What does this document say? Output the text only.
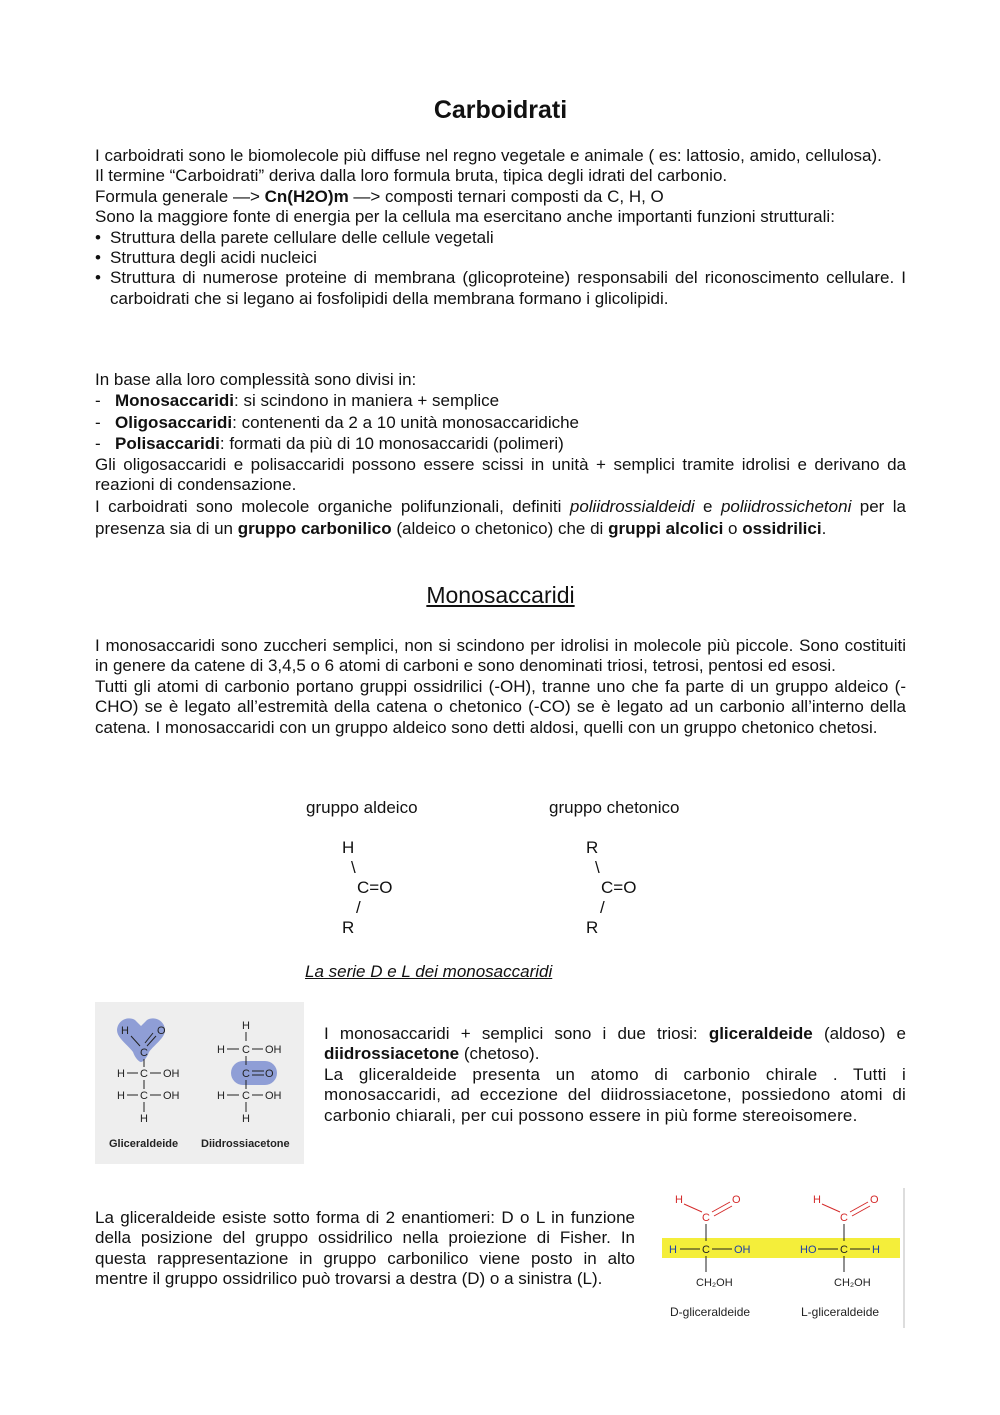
Carboidrati

I carboidrati sono le biomolecole più diffuse nel regno vegetale e animale ( es: lattosio, amido, cellulosa).

Il termine “Carboidrati” deriva dalla loro formula bruta, tipica degli idrati del carbonio.

Formula generale —> Cn(H2O)m —> composti ternari composti da C, H, O

Sono la maggiore fonte di energia per la cellula ma esercitano anche importanti funzioni strutturali:

• Struttura della parete cellulare delle cellule vegetali
• Struttura degli acidi nucleici
• Struttura di numerose proteine di membrana (glicoproteine) responsabili del riconoscimento cellulare. I carboidrati che si legano ai fosfolipidi della membrana formano i glicolipidi.

In base alla loro complessità sono divisi in:

- Monosaccaridi: si scindono in maniera + semplice
- Oligosaccaridi: contenenti da 2 a 10 unità monosaccaridiche
- Polisaccaridi: formati da più di 10 monosaccaridi (polimeri)

Gli oligosaccaridi e polisaccaridi possono essere scissi in unità + semplici tramite idrolisi e derivano da reazioni di condensazione.

I carboidrati sono molecole organiche polifunzionali, definiti poliidrossialdeidi e poliidrossichetoni per la presenza sia di un gruppo carbonilico (aldeico o chetonico) che di gruppi alcolici o ossidrilici.

Monosaccaridi

I monosaccaridi sono zuccheri semplici, non si scindono per idrolisi in molecole più piccole. Sono costituiti in genere da catene di 3,4,5 o 6 atomi di carboni e sono denominati triosi, tetrosi, pentosi ed esosi.

Tutti gli atomi di carbonio portano gruppi ossidrilici (-OH), tranne uno che fa parte di un gruppo aldeico (-CHO) se è legato all’estremità della catena o chetonico (-CO) se è legato ad un carbonio all’interno della catena. I monosaccaridi con un gruppo aldeico sono detti aldosi, quelli con un gruppo chetonico chetosi.

gruppo aldeico	gruppo chetonico
H
\
C=O
/
R
R
\
C=O
/
R
La serie D e L dei monosaccaridi

I monosaccaridi + semplici sono i due triosi: gliceraldeide (aldoso) e diidrossiacetone (chetoso).

La gliceraldeide presenta un atomo di carbonio chirale . Tutti i monosaccaridi, ad eccezione del diidrossiacetone, possiedono atomi di carbonio chiarali, per cui possono essere in più forme stereoisomere.

La gliceraldeide esiste sotto forma di 2 enantiomeri: D o L in funzione della posizione del gruppo ossidrilico nella proiezione di Fisher. In questa rappresentazione in gruppo carbonilico viene posto in alto mentre il gruppo ossidrilico può trovarsi a destra (D) o a sinistra (L).

H	O
C
H C OH
H C OH
H
H
H C OH
C O
H C OH
H
Gliceraldeide Diidrossiacetone
H	O
C
H C OH
CH₂OH
D-gliceraldeide
H	O
C
HO C H
CH₂OH
L-gliceraldeide
